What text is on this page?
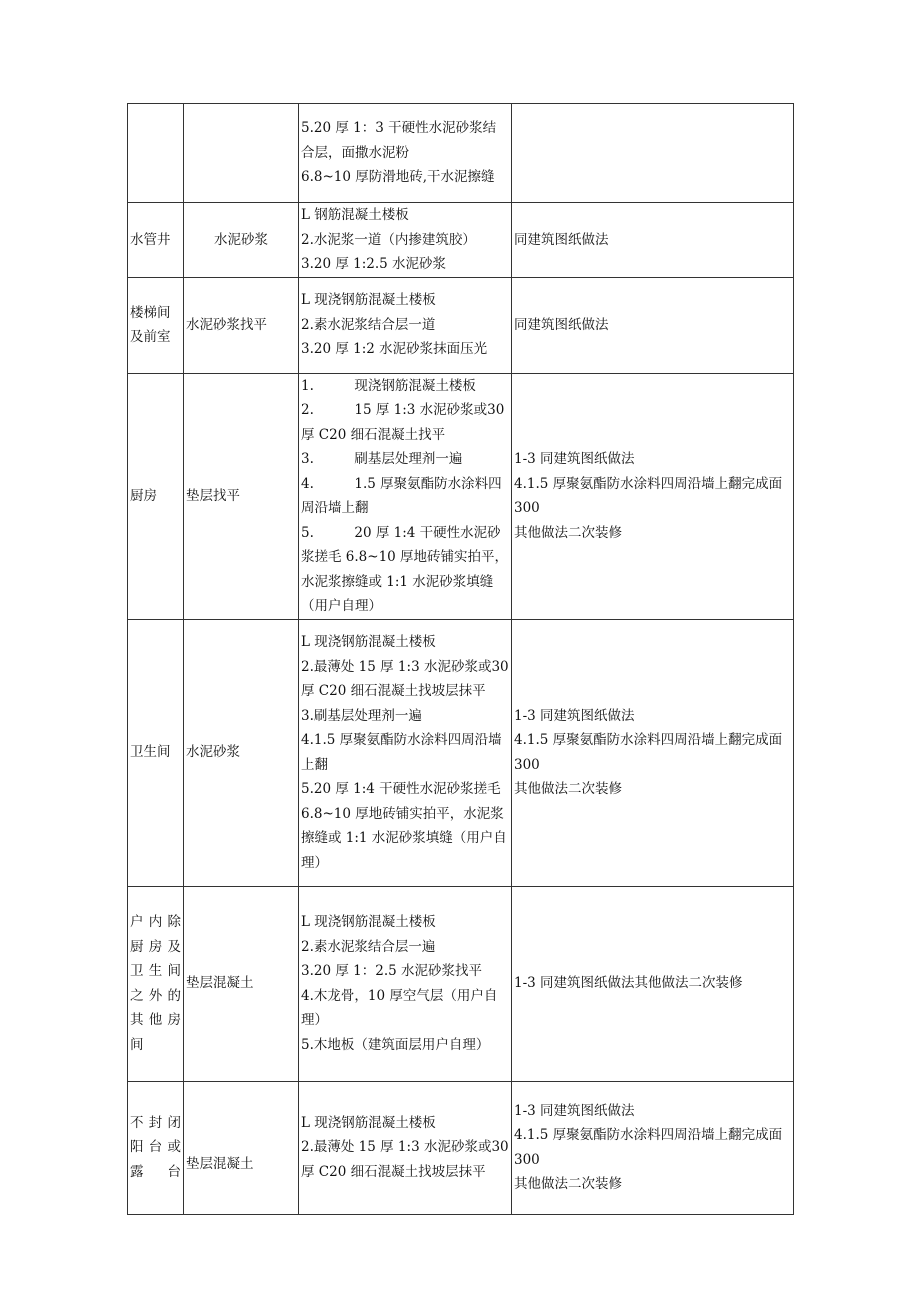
		5.20 厚 1：3 干硬性水泥砂浆结合层，面撒水泥粉
6.8~10 厚防滑地砖,干水泥擦缝	

水管井	水泥砂浆	L 钢筋混凝土楼板
2.水泥浆一道（内掺建筑胶）
3.20 厚 1:2.5 水泥砂浆	同建筑图纸做法

楼梯间及前室	水泥砂浆找平	L 现浇钢筋混凝土楼板
2.素水泥浆结合层一道
3.20 厚 1:2 水泥砂浆抹面压光	同建筑图纸做法

厨房	垫层找平	1.　　　现浇钢筋混凝土楼板
2.　　　15 厚 1:3 水泥砂浆或30 厚 C20 细石混凝土找平
3.　　　刷基层处理剂一遍
4.　　　1.5 厚聚氨酯防水涂料四周沿墙上翻
5.　　　20 厚 1:4 干硬性水泥砂浆搓毛 6.8~10 厚地砖铺实拍平，水泥浆擦缝或 1:1 水泥砂浆填缝（用户自理）	1-3 同建筑图纸做法
4.1.5 厚聚氨酯防水涂料四周沿墙上翻完成面 300
其他做法二次装修

卫生间	水泥砂浆	L 现浇钢筋混凝土楼板
2.最薄处 15 厚 1:3 水泥砂浆或30 厚 C20 细石混凝土找坡层抹平
3.刷基层处理剂一遍
4.1.5 厚聚氨酯防水涂料四周沿墙上翻
5.20 厚 1:4 干硬性水泥砂浆搓毛 6.8~10 厚地砖铺实拍平，水泥浆擦缝或 1:1 水泥砂浆填缝（用户自理）	1-3 同建筑图纸做法
4.1.5 厚聚氨酯防水涂料四周沿墙上翻完成面 300
其他做法二次装修

户内除厨房及卫生间之外的其他房间	垫层混凝土	L 现浇钢筋混凝土楼板
2.素水泥浆结合层一遍
3.20 厚 1：2.5 水泥砂浆找平
4.木龙骨，10 厚空气层（用户自理）
5.木地板（建筑面层用户自理）	1-3 同建筑图纸做法其他做法二次装修

不封闭阳台或露台	垫层混凝土	L 现浇钢筋混凝土楼板
2.最薄处 15 厚 1:3 水泥砂浆或30 厚 C20 细石混凝土找坡层抹平	1-3 同建筑图纸做法
4.1.5 厚聚氨酯防水涂料四周沿墙上翻完成面 300
其他做法二次装修
